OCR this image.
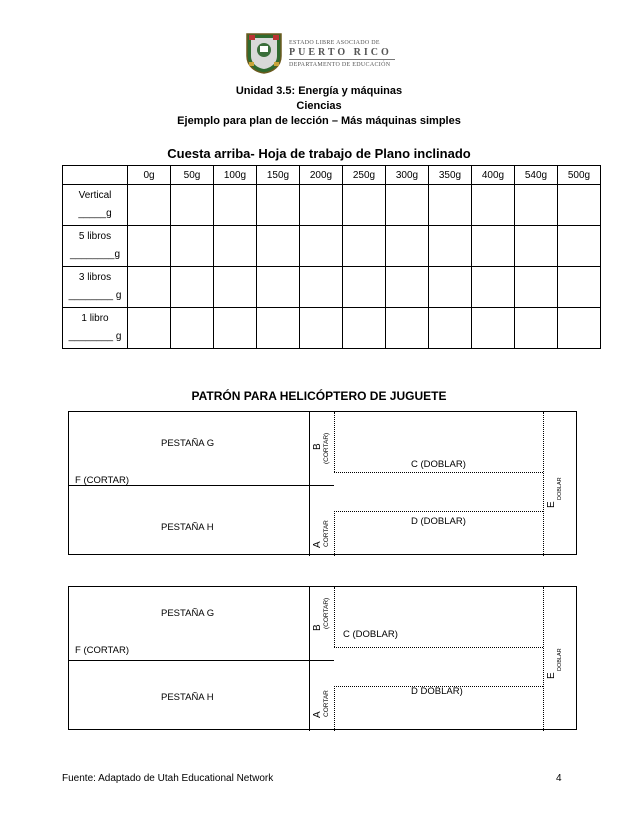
ESTADO LIBRE ASOCIADO DE
PUERTO RICO
DEPARTAMENTO DE EDUCACIÓN
Unidad 3.5: Energía y máquinas
Ciencias
Ejemplo para plan de lección – Más máquinas simples
Cuesta arriba- Hoja de trabajo de Plano inclinado
	0g	50g	100g	150g	200g	250g	300g	350g	400g	540g	500g

Vertical
_____g											

5 libros
________g											

3 libros
________ g											

1 libro
________ g											

PATRÓN PARA HELICÓPTERO DE JUGUETE
PESTAÑA G
PESTAÑA H
F (CORTAR)
C (DOBLAR)
D (DOBLAR)
B (CORTAR)
A CORTAR
E
DOBLAR
PESTAÑA G
PESTAÑA H
F (CORTAR)
C (DOBLAR)
D DOBLAR)
B (CORTAR)
A CORTAR
E
DOBLAR
Fuente: Adaptado de Utah Educational Network	4
